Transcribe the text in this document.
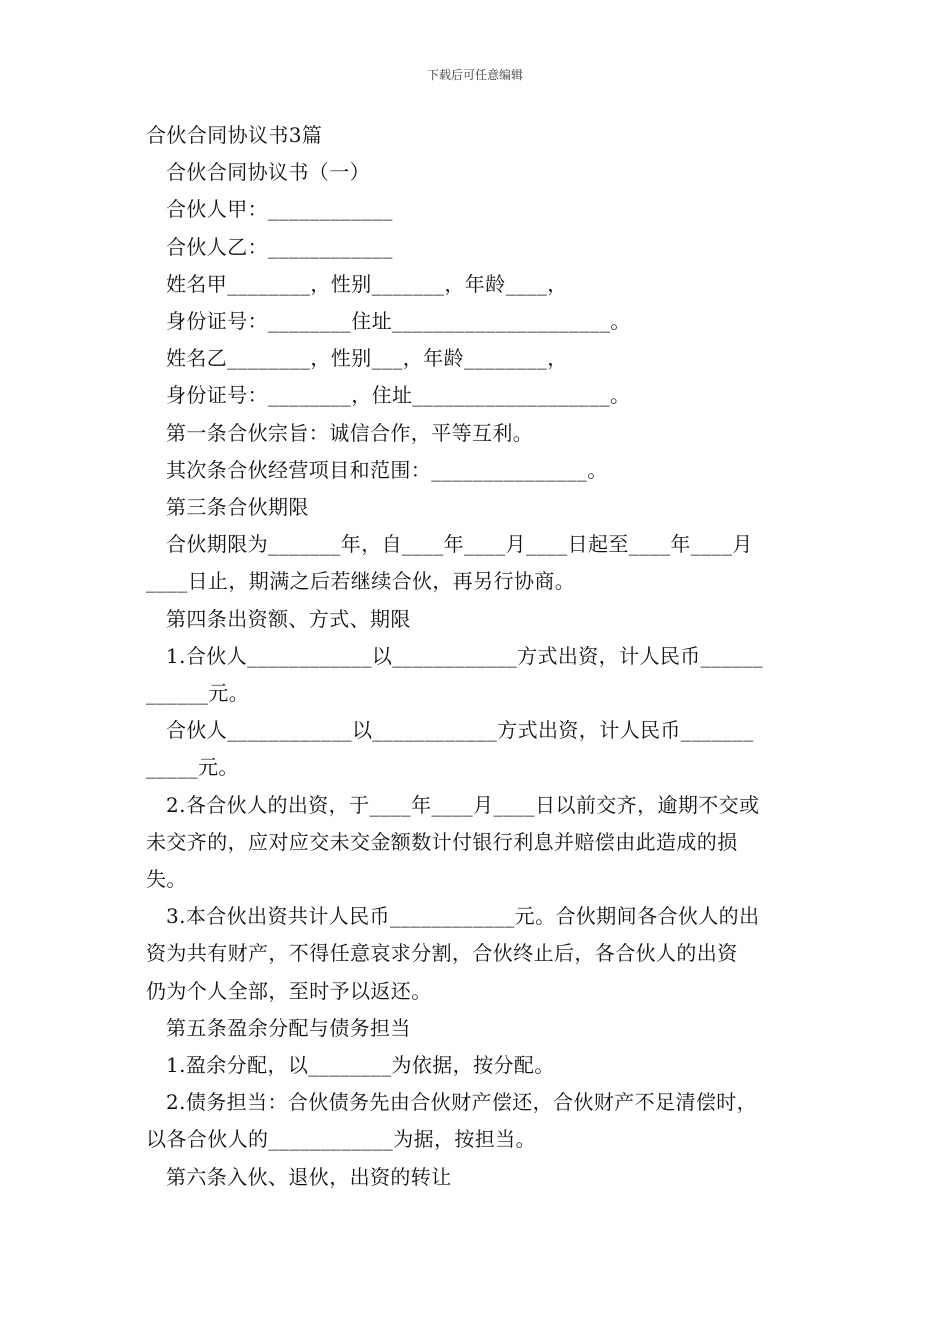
下载后可任意编辑

合伙合同协议书3篇

合伙合同协议书（一）

合伙人甲：____________

合伙人乙：____________

姓名甲________，性别_______，年龄____，

身份证号：________住址_____________________。

姓名乙________，性别___，年龄________，

身份证号：________，住址___________________。

第一条合伙宗旨：诚信合作，平等互利。

其次条合伙经营项目和范围：_______________。

第三条合伙期限

合伙期限为_______年，自____年____月____日起至____年____月

____日止，期满之后若继续合伙，再另行协商。

第四条出资额、方式、期限

1.合伙人____________以____________方式出资，计人民币______

______元。

合伙人____________以____________方式出资，计人民币_______

_____元。

2.各合伙人的出资，于____年____月____日以前交齐，逾期不交或

未交齐的，应对应交未交金额数计付银行利息并赔偿由此造成的损

失。

3.本合伙出资共计人民币____________元。合伙期间各合伙人的出

资为共有财产，不得任意哀求分割，合伙终止后，各合伙人的出资

仍为个人全部，至时予以返还。

第五条盈余分配与债务担当

1.盈余分配，以________为依据，按分配。

2.债务担当：合伙债务先由合伙财产偿还，合伙财产不足清偿时，

以各合伙人的____________为据，按担当。

第六条入伙、退伙，出资的转让
